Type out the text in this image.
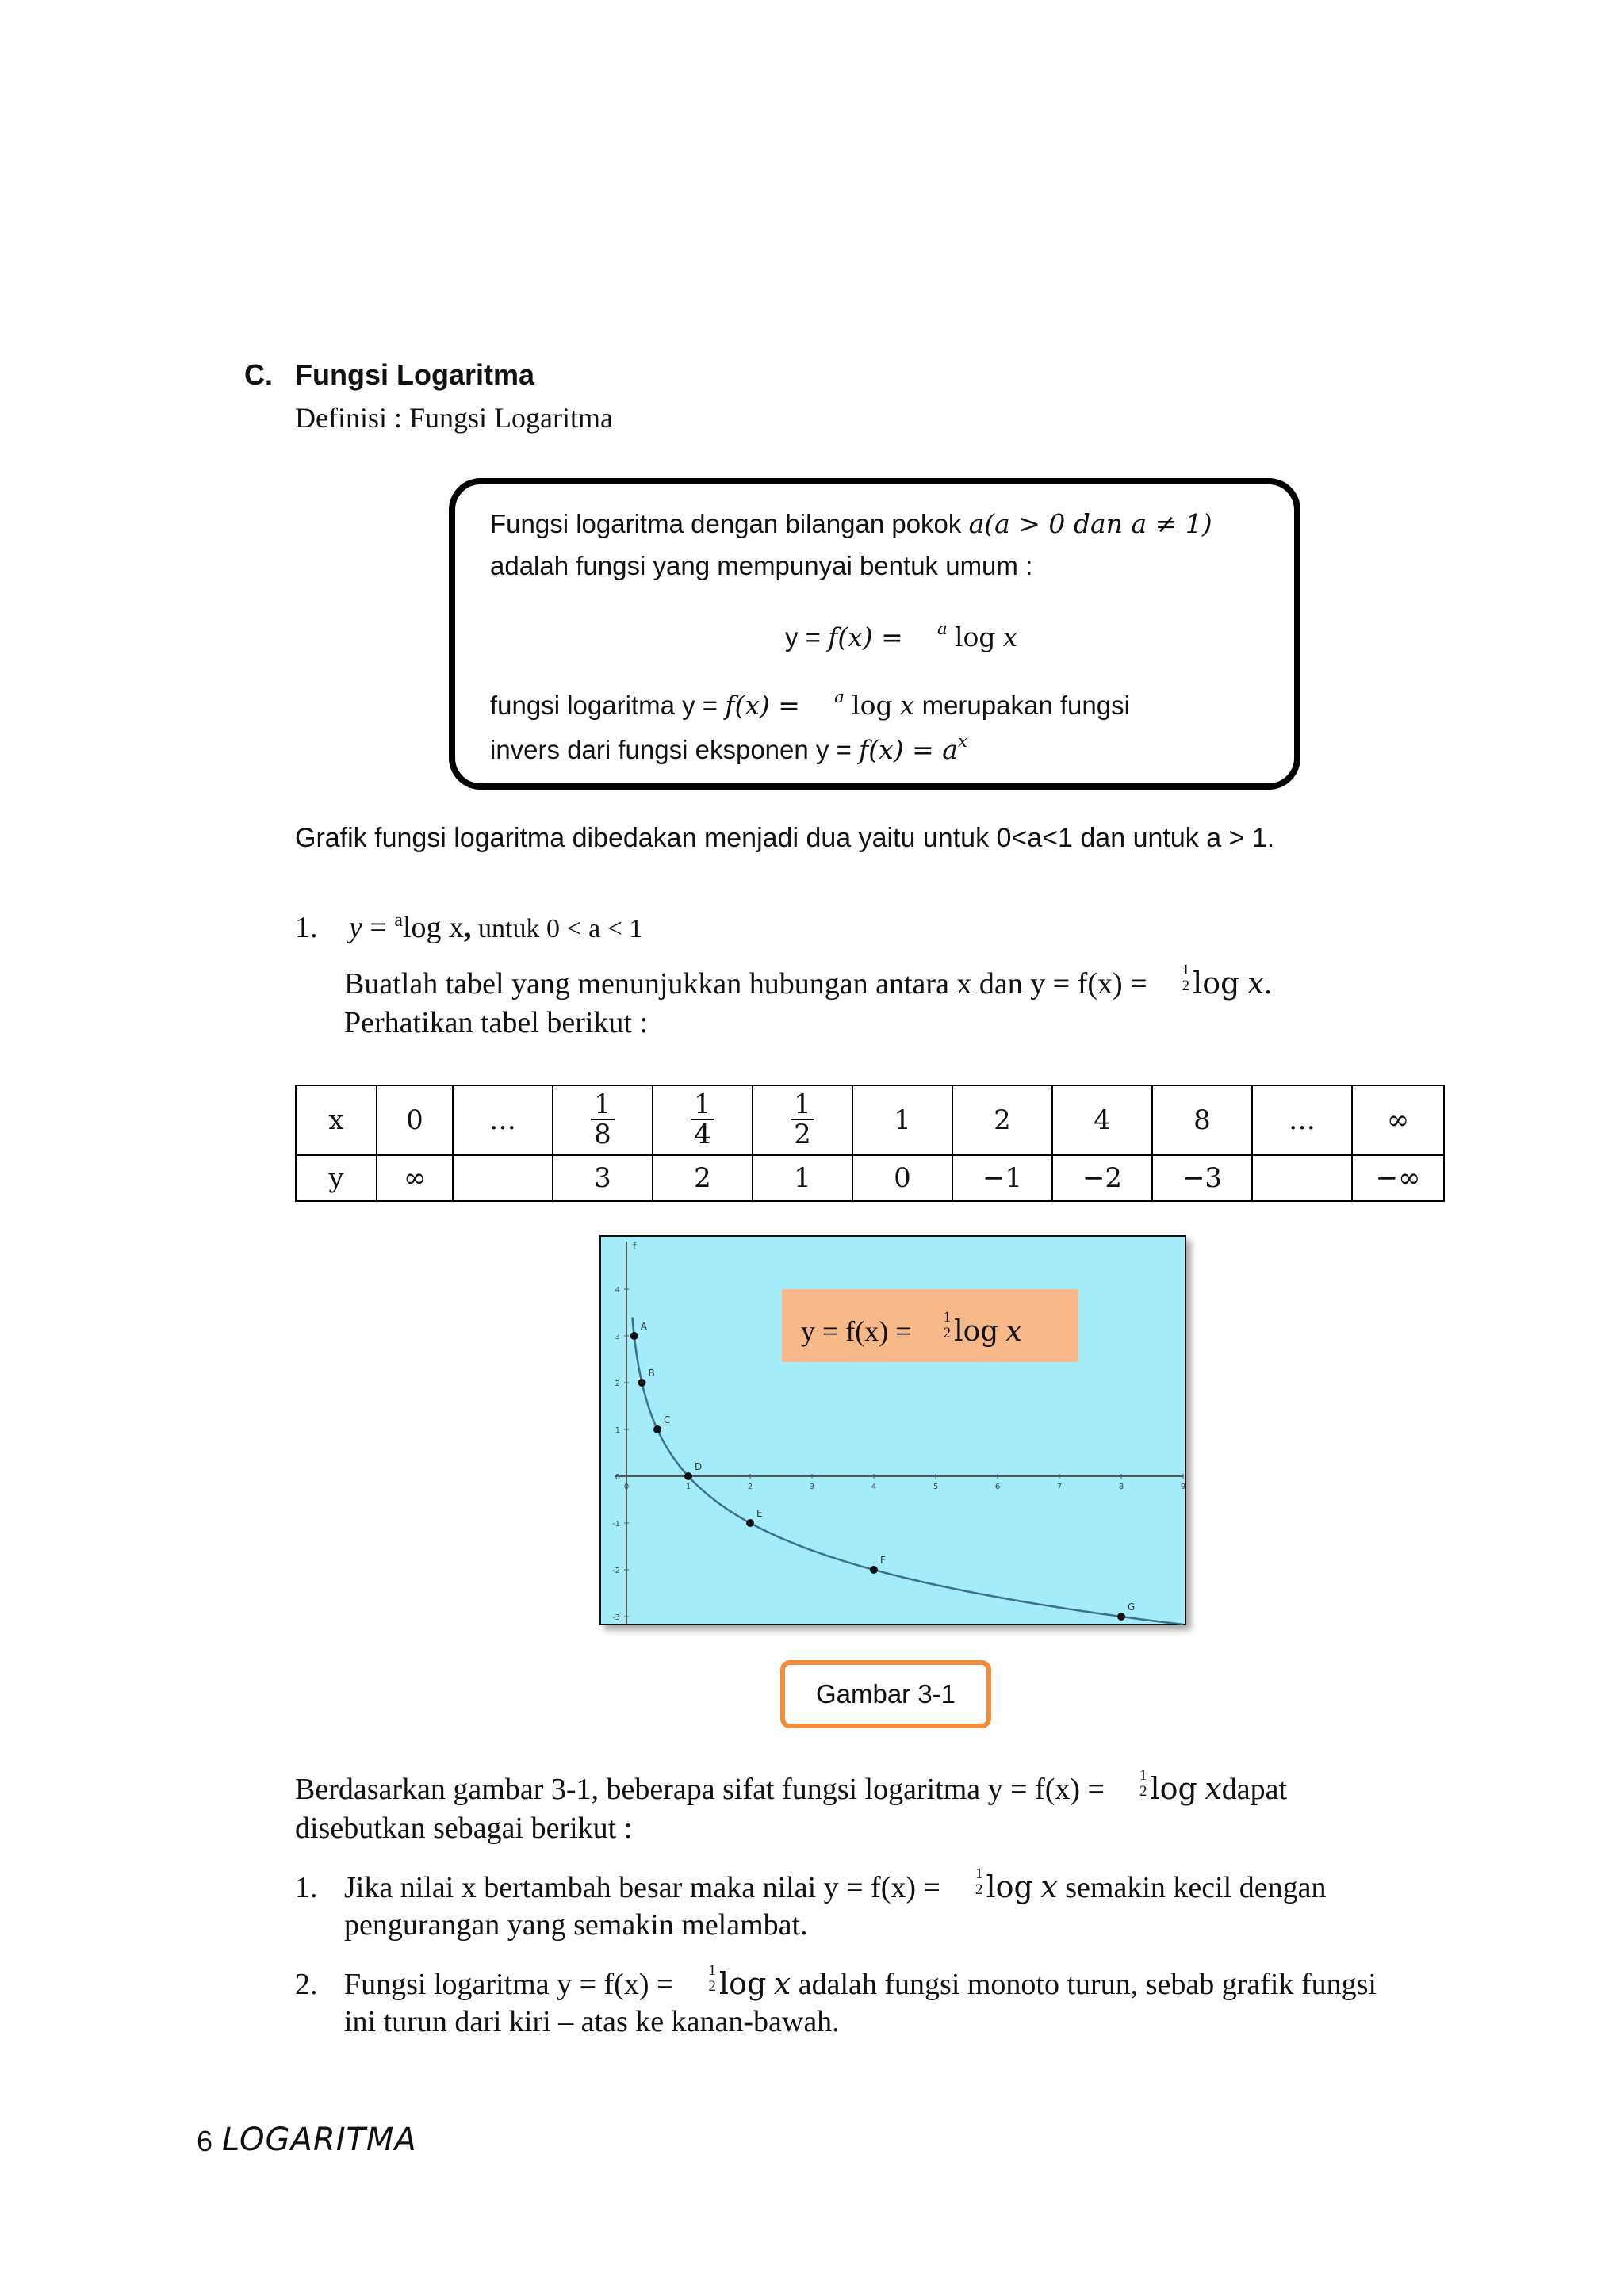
C. Fungsi Logaritma
Definisi : Fungsi Logaritma
Fungsi logaritma dengan bilangan pokok a(a > 0 dan a ≠ 1)
adalah fungsi yang mempunyai bentuk umum :
y = f(x) = $^a$ log x
fungsi logaritma y = f(x) = $^a$ log x merupakan fungsi
invers dari fungsi eksponen $y = f(x) = a^x$
Grafik fungsi logaritma dibedakan menjadi dua yaitu untuk 0<a<1 dan untuk a > 1.
1. y = $^a$log x, untuk 0 < a < 1
Buatlah tabel yang menunjukkan hubungan antara x dan y = f(x) = 1
2 log x.
Perhatikan tabel berikut :
x	0	…	$\frac{1}{8}$	$\frac{1}{4}$	$\frac{1}{2}$	1	2	4	8	…	∞
y	∞		3	2	1	0	−1	−2	−3		−∞
0	1	2	3	4	5	6	7	8	9
4
3
2
1
0
-1
-2
-3
f
A
B
C
D
E
F
G
y = f(x) = 1
2 log x
Gambar 3-1
Berdasarkan gambar 3-1, beberapa sifat fungsi logaritma y = f(x) = 1
2 log xdapat
disebutkan sebagai berikut :
1. Jika nilai x bertambah besar maka nilai y = f(x) = 1
2 log x semakin kecil dengan
pengurangan yang semakin melambat.
2. Fungsi logaritma y = f(x) = 1
2 log x adalah fungsi monoto turun, sebab grafik fungsi
ini turun dari kiri – atas ke kanan-bawah.
6 LOGARITMA
